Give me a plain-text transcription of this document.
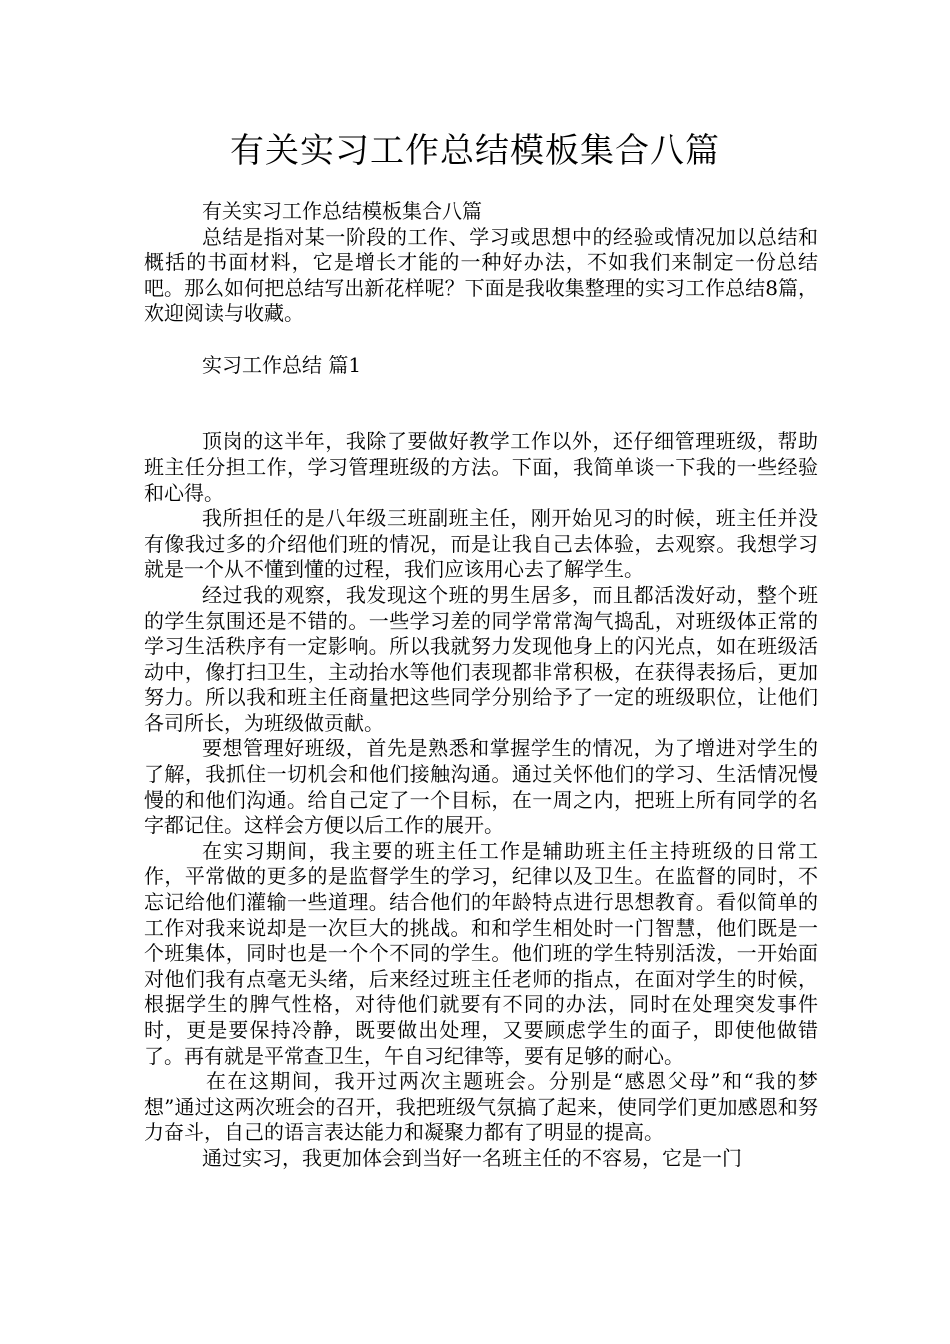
有关实习工作总结模板集合八篇

有关实习工作总结模板集合八篇

总结是指对某一阶段的工作、学习或思想中的经验或情况加以总结和概括的书面材料，它是增长才能的一种好办法，不如我们来制定一份总结吧。那么如何把总结写出新花样呢？下面是我收集整理的实习工作总结8篇，欢迎阅读与收藏。

实习工作总结 篇1

顶岗的这半年，我除了要做好教学工作以外，还仔细管理班级，帮助班主任分担工作，学习管理班级的方法。下面，我简单谈一下我的一些经验和心得。

我所担任的是八年级三班副班主任，刚开始见习的时候，班主任并没有像我过多的介绍他们班的情况，而是让我自己去体验，去观察。我想学习就是一个从不懂到懂的过程，我们应该用心去了解学生。

经过我的观察，我发现这个班的男生居多，而且都活泼好动，整个班的学生氛围还是不错的。一些学习差的同学常常淘气捣乱，对班级体正常的学习生活秩序有一定影响。所以我就努力发现他身上的闪光点，如在班级活动中，像打扫卫生，主动抬水等他们表现都非常积极，在获得表扬后，更加努力。所以我和班主任商量把这些同学分别给予了一定的班级职位，让他们各司所长，为班级做贡献。

要想管理好班级，首先是熟悉和掌握学生的情况，为了增进对学生的了解，我抓住一切机会和他们接触沟通。通过关怀他们的学习、生活情况慢慢的和他们沟通。给自己定了一个目标，在一周之内，把班上所有同学的名字都记住。这样会方便以后工作的展开。

在实习期间，我主要的班主任工作是辅助班主任主持班级的日常工作，平常做的更多的是监督学生的学习，纪律以及卫生。在监督的同时，不忘记给他们灌输一些道理。结合他们的年龄特点进行思想教育。看似简单的工作对我来说却是一次巨大的挑战。和和学生相处时一门智慧，他们既是一个班集体，同时也是一个个不同的学生。他们班的学生特别活泼，一开始面对他们我有点毫无头绪，后来经过班主任老师的指点，在面对学生的时候，根据学生的脾气性格，对待他们就要有不同的办法，同时在处理突发事件时，更是要保持冷静，既要做出处理，又要顾虑学生的面子，即使他做错了。再有就是平常查卫生，午自习纪律等，要有足够的耐心。

在在这期间，我开过两次主题班会。分别是“感恩父母”和“我的梦想”通过这两次班会的召开，我把班级气氛搞了起来，使同学们更加感恩和努力奋斗，自己的语言表达能力和凝聚力都有了明显的提高。

通过实习，我更加体会到当好一名班主任的不容易，它是一门
